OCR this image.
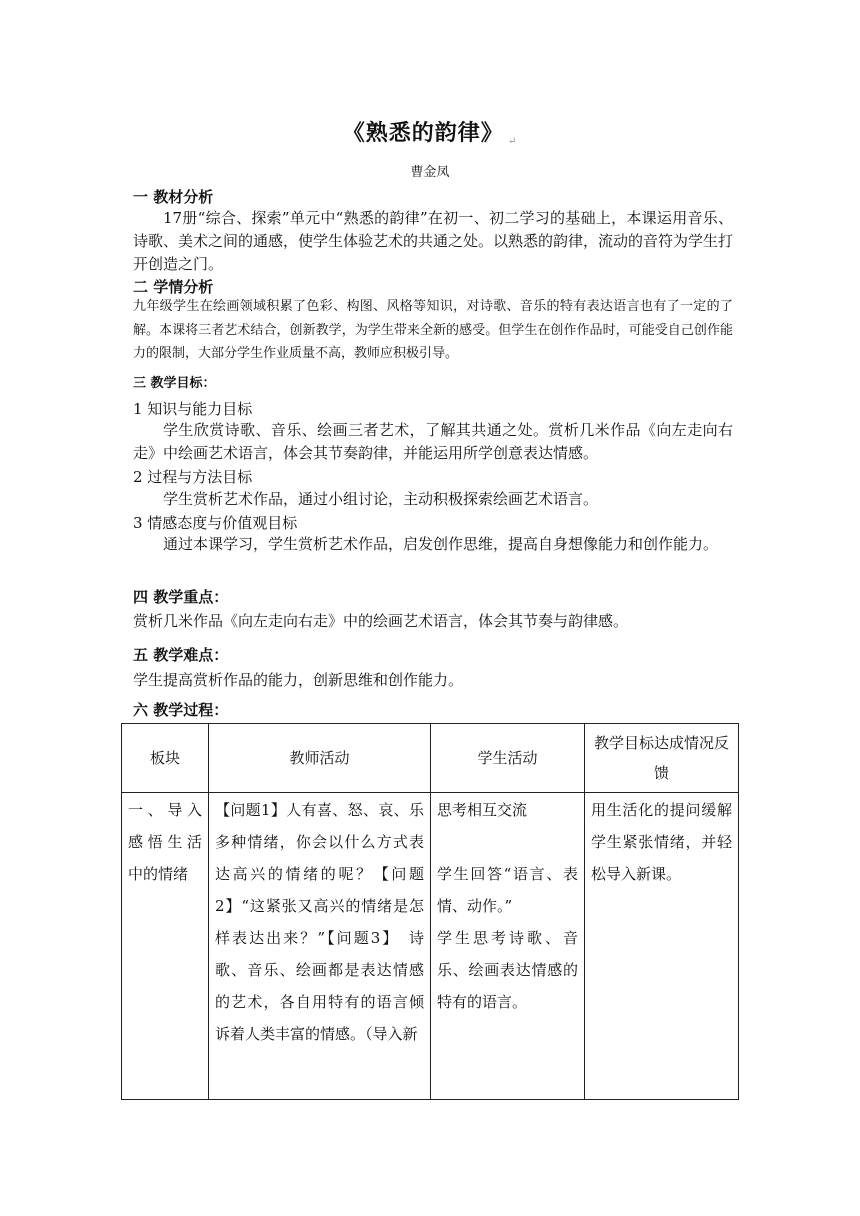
《熟悉的韵律》 ↵
曹金凤
一 教材分析
17册“综合、探索”单元中“熟悉的韵律”在初一、初二学习的基础上，本课运用音乐、诗歌、美术之间的通感，使学生体验艺术的共通之处。以熟悉的韵律，流动的音符为学生打开创造之门。
二 学情分析
九年级学生在绘画领域积累了色彩、构图、风格等知识，对诗歌、音乐的特有表达语言也有了一定的了解。本课将三者艺术结合，创新教学，为学生带来全新的感受。但学生在创作作品时，可能受自己创作能力的限制，大部分学生作业质量不高，教师应积极引导。
三 教学目标：
1 知识与能力目标
学生欣赏诗歌、音乐、绘画三者艺术，了解其共通之处。赏析几米作品《向左走向右走》中绘画艺术语言，体会其节奏韵律，并能运用所学创意表达情感。
2 过程与方法目标
学生赏析艺术作品，通过小组讨论，主动积极探索绘画艺术语言。
3 情感态度与价值观目标
通过本课学习，学生赏析艺术作品，启发创作思维，提高自身想像能力和创作能力。
四 教学重点：
赏析几米作品《向左走向右走》中的绘画艺术语言，体会其节奏与韵律感。
五 教学难点：
学生提高赏析作品的能力，创新思维和创作能力。
六 教学过程：
板块	教师活动	学生活动	教学目标达成情况反馈
一、导入感悟生活中的情绪	【问题1】人有喜、怒、哀、乐多种情绪，你会以什么方式表达高兴的情绪的呢？【问题2】“这紧张又高兴的情绪是怎样表达出来？”【问题3】　诗歌、音乐、绘画都是表达情感的艺术，各自用特有的语言倾诉着人类丰富的情感。（导入新	思考相互交流
学生回答“语言、表情、动作。”
学生思考诗歌、音乐、绘画表达情感的特有的语言。	用生活化的提问缓解学生紧张情绪，并轻松导入新课。
